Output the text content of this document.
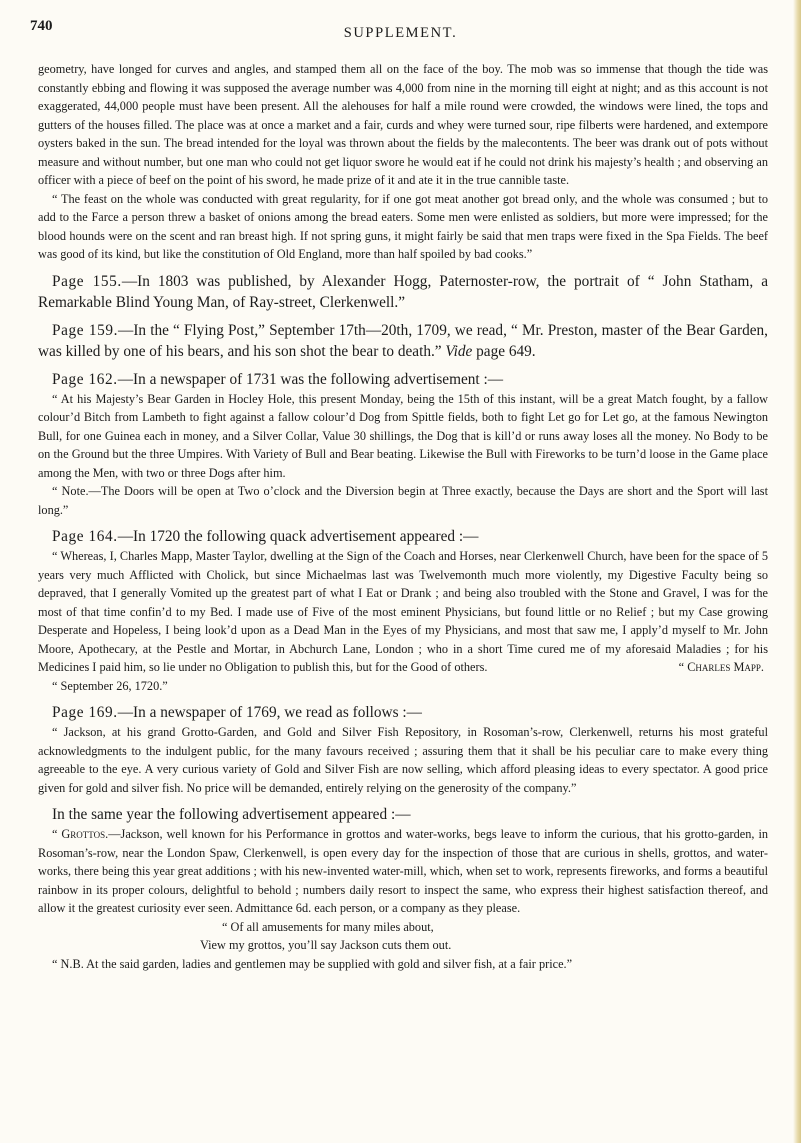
740	SUPPLEMENT.

geometry, have longed for curves and angles, and stamped them all on the face of the boy. The mob was so immense that though the tide was constantly ebbing and flowing it was supposed the average number was 4,000 from nine in the morning till eight at night; and as this account is not exaggerated, 44,000 people must have been present. All the alehouses for half a mile round were crowded, the windows were lined, the tops and gutters of the houses filled. The place was at once a market and a fair, curds and whey were turned sour, ripe filberts were hardened, and extempore oysters baked in the sun. The bread intended for the loyal was thrown about the fields by the malecontents. The beer was drank out of pots without measure and without number, but one man who could not get liquor swore he would eat if he could not drink his majesty’s health ; and observing an officer with a piece of beef on the point of his sword, he made prize of it and ate it in the true cannible taste.

“ The feast on the whole was conducted with great regularity, for if one got meat another got bread only, and the whole was consumed ; but to add to the Farce a person threw a basket of onions among the bread eaters. Some men were enlisted as soldiers, but more were impressed; for the blood hounds were on the scent and ran breast high. If not spring guns, it might fairly be said that men traps were fixed in the Spa Fields. The beef was good of its kind, but like the constitution of Old England, more than half spoiled by bad cooks.”

Page 155.—In 1803 was published, by Alexander Hogg, Paternoster-row, the portrait of “ John Statham, a Remarkable Blind Young Man, of Ray-street, Clerkenwell.”

Page 159.—In the “ Flying Post,” September 17th—20th, 1709, we read, “ Mr. Preston, master of the Bear Garden, was killed by one of his bears, and his son shot the bear to death.” Vide page 649.

Page 162.—In a newspaper of 1731 was the following advertisement :—

“ At his Majesty’s Bear Garden in Hocley Hole, this present Monday, being the 15th of this instant, will be a great Match fought, by a fallow colour’d Bitch from Lambeth to fight against a fallow colour’d Dog from Spittle fields, both to fight Let go for Let go, at the famous Newington Bull, for one Guinea each in money, and a Silver Collar, Value 30 shillings, the Dog that is kill’d or runs away loses all the money. No Body to be on the Ground but the three Umpires. With Variety of Bull and Bear beating. Likewise the Bull with Fireworks to be turn’d loose in the Game place among the Men, with two or three Dogs after him.

“ Note.—The Doors will be open at Two o’clock and the Diversion begin at Three exactly, because the Days are short and the Sport will last long.”

Page 164.—In 1720 the following quack advertisement appeared :—

“ Whereas, I, Charles Mapp, Master Taylor, dwelling at the Sign of the Coach and Horses, near Clerkenwell Church, have been for the space of 5 years very much Afflicted with Cholick, but since Michaelmas last was Twelvemonth much more violently, my Digestive Faculty being so depraved, that I generally Vomited up the greatest part of what I Eat or Drank ; and being also troubled with the Stone and Gravel, I was for the most of that time confin’d to my Bed. I made use of Five of the most eminent Physicians, but found little or no Relief ; but my Case growing Desperate and Hopeless, I being look’d upon as a Dead Man in the Eyes of my Physicians, and most that saw me, I apply’d myself to Mr. John Moore, Apothecary, at the Pestle and Mortar, in Abchurch Lane, London ; who in a short Time cured me of my aforesaid Maladies ; for his Medicines I paid him, so lie under no Obligation to publish this, but for the Good of others.	“ Charles Mapp.

“ September 26, 1720.”

Page 169.—In a newspaper of 1769, we read as follows :—

“ Jackson, at his grand Grotto-Garden, and Gold and Silver Fish Repository, in Rosoman’s-row, Clerkenwell, returns his most grateful acknowledgments to the indulgent public, for the many favours received ; assuring them that it shall be his peculiar care to make every thing agreeable to the eye. A very curious variety of Gold and Silver Fish are now selling, which afford pleasing ideas to every spectator. A good price given for gold and silver fish. No price will be demanded, entirely relying on the generosity of the company.”

In the same year the following advertisement appeared :—

“ Grottos.—Jackson, well known for his Performance in grottos and water-works, begs leave to inform the curious, that his grotto-garden, in Rosoman’s-row, near the London Spaw, Clerkenwell, is open every day for the inspection of those that are curious in shells, grottos, and water-works, there being this year great additions ; with his new-invented water-mill, which, when set to work, represents fireworks, and forms a beautiful rainbow in its proper colours, delightful to behold ; numbers daily resort to inspect the same, who express their highest satisfaction thereof, and allow it the greatest curiosity ever seen. Admittance 6d. each person, or a company as they please.

“ Of all amusements for many miles about,

View my grottos, you’ll say Jackson cuts them out.

“ N.B. At the said garden, ladies and gentlemen may be supplied with gold and silver fish, at a fair price.”
